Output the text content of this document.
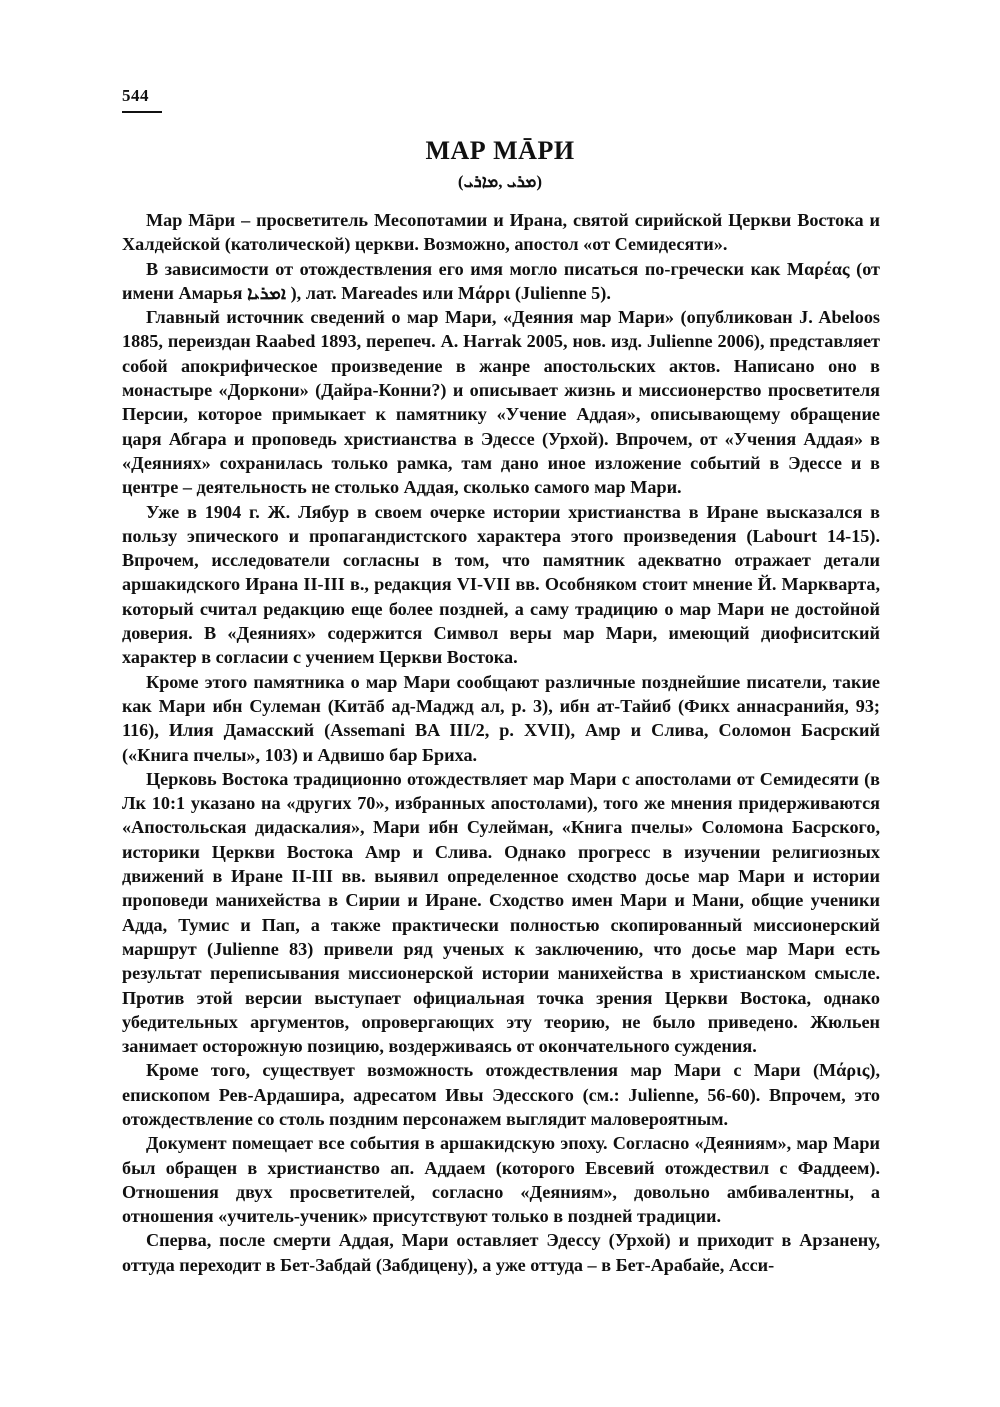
544
МАР МĀРИ
(ܡܪܝ ,ܡܐܪܝ)

Мар Мāри – просветитель Месопотамии и Ирана, святой сирийской Церкви Востока и Халдейской (католической) церкви. Возможно, апостол «от Семидесяти».

В зависимости от отождествления его имя могло писаться по-гречески как Μαρέας (от имени Амарья ܐܡܪܝܐ ), лат. Mareades или Μάρρι (Julienne 5).

Главный источник сведений о мар Мари, «Деяния мар Мари» (опубликован J. Abeloos 1885, переиздан Raabed 1893, перепеч. A. Harrak 2005, нов. изд. Julienne 2006), представляет собой апокрифическое произведение в жанре апостольских актов. Написано оно в монастыре «Доркони» (Дайра-Конни?) и описывает жизнь и миссионерство просветителя Персии, которое примыкает к памятнику «Учение Аддая», описывающему обращение царя Абгара и проповедь христианства в Эдессе (Урхой). Впрочем, от «Учения Аддая» в «Деяниях» сохранилась только рамка, там дано иное изложение событий в Эдессе и в центре – деятельность не столько Аддая, сколько самого мар Мари.

Уже в 1904 г. Ж. Лябур в своем очерке истории христианства в Иране высказался в пользу эпического и пропагандистского характера этого произведения (Labourt 14-15). Впрочем, исследователи согласны в том, что памятник адекватно отражает детали аршакидского Ирана II-III в., редакция VI-VII вв. Особняком стоит мнение Й. Маркварта, который считал редакцию еще более поздней, а саму традицию о мар Мари не достойной доверия. В «Деяниях» содержится Символ веры мар Мари, имеющий диофиситский характер в согласии с учением Церкви Востока.

Кроме этого памятника о мар Мари сообщают различные позднейшие писатели, такие как Мари ибн Сулеман (Китāб ад-Маджд ал, р. 3), ибн ат-Тайиб (Фикх аннасранийя, 93; 116), Илия Дамасский (Assemani BA III/2, р. XVII), Амр и Слива, Соломон Басрский («Книга пчелы», 103) и Адвишо бар Бриха.

Церковь Востока традиционно отождествляет мар Мари с апостолами от Семидесяти (в Лк 10:1 указано на «других 70», избранных апостолами), того же мнения придерживаются «Апостольская дидаскалия», Мари ибн Сулейман, «Книга пчелы» Соломона Басрского, историки Церкви Востока Амр и Слива. Однако прогресс в изучении религиозных движений в Иране II-III вв. выявил определенное сходство досье мар Мари и истории проповеди манихейства в Сирии и Иране. Сходство имен Мари и Мани, общие ученики Адда, Тумис и Пап, а также практически полностью скопированный миссионерский маршрут (Julienne 83) привели ряд ученых к заключению, что досье мар Мари есть результат переписывания миссионерской истории манихейства в христианском смысле. Против этой версии выступает официальная точка зрения Церкви Востока, однако убедительных аргументов, опровергающих эту теорию, не было приведено. Жюльен занимает осторожную позицию, воздерживаясь от окончательного суждения.

Кроме того, существует возможность отождествления мар Мари с Мари (Μάρις), епископом Рев-Ардашира, адресатом Ивы Эдесского (см.: Julienne, 56-60). Впрочем, это отождествление со столь поздним персонажем выглядит маловероятным.

Документ помещает все события в аршакидскую эпоху. Согласно «Деяниям», мар Мари был обращен в христианство ап. Аддаем (которого Евсевий отождествил с Фаддеем). Отношения двух просветителей, согласно «Деяниям», довольно амбивалентны, а отношения «учитель-ученик» присутствуют только в поздней традиции.

Сперва, после смерти Аддая, Мари оставляет Эдессу (Урхой) и приходит в Арзанену, оттуда переходит в Бет-Забдай (Забдицену), а уже оттуда – в Бет-Арабайе, Асси-
